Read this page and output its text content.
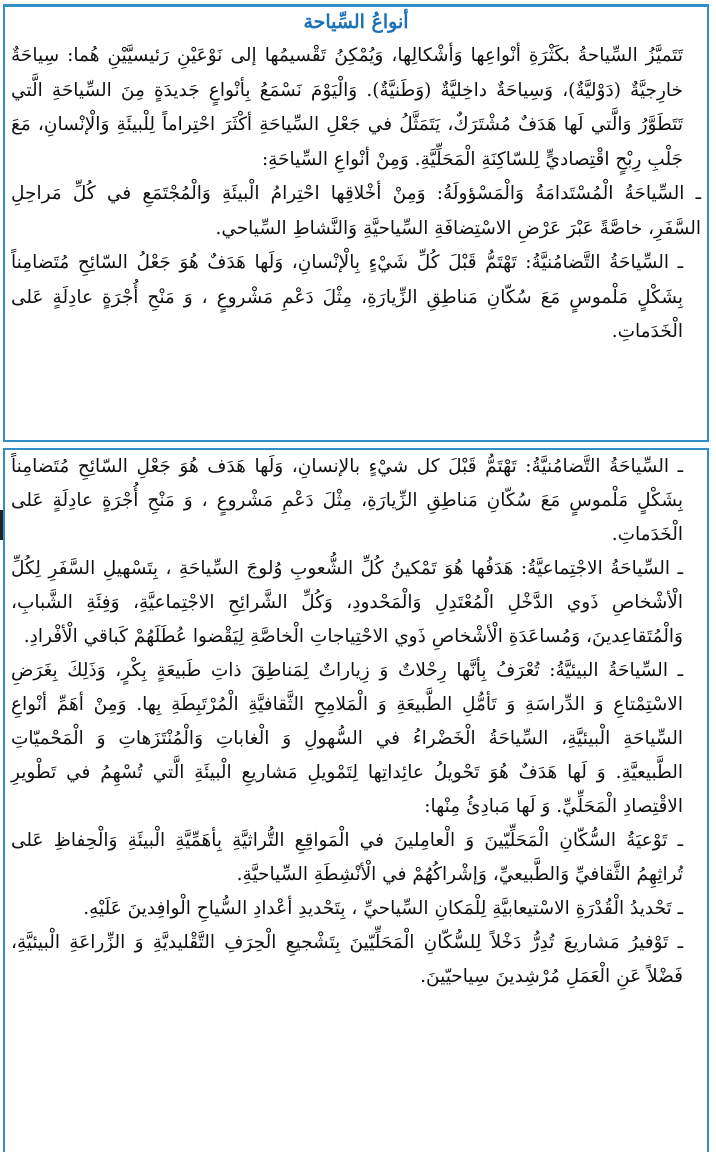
أنواعُ السِّياحة

تَتَميَّزُ السِّياحةُ بكَثْرَةِ أنْواعِها وَأشْكالِها، وَيُمْكِنُ تَقْسيمُها إلى نَوْعَيْنِ رَئيسيَّيْنِ هُما: سِياحَةٌ خارِجيَّةٌ (دَوْليَّةٌ)، وَسِياحَةٌ داخِليَّةٌ (وَطَنيَّةٌ). وَالْيَوْمَ نَسْمَعُ بِأنْواعٍ جَديدَةٍ مِنَ السِّياحَةِ الَّتي تَتَطَوَّرُ وَالَّتي لَها هَدَفٌ مُشْتَرَكٌ، يَتَمَثَّلُ في جَعْلِ السِّياحَةِ أكْثَرَ احْتِراماً لِلْبيئَةِ وَالْإنْسانِ، مَعَ جَلْبِ رِبْحٍ اقْتِصاديٍّ لِلسّاكِنَةِ الْمَحَلِّيَّةِ. وَمِنْ أنْواعِ السِّياحَةِ:

ـ السِّياحَةُ الْمُسْتَدامَةُ وَالْمَسْؤولَةُ: وَمِنْ أخْلاقِها احْتِرامُ الْبيئَةِ وَالْمُجْتَمَعِ في كُلِّ مَراحِلِ السَّفَرِ، خاصَّةً عَبْرَ عَرْضِ الاسْتِضافَةِ السِّياحيَّةِ وَالنَّشاطِ السِّياحي.

ـ السِّياحَةُ التَّضامُنيَّةُ: تَهْتَمُّ قَبْلَ كُلِّ شَيْءٍ بِالْإنْسانِ، وَلَها هَدَفٌ هُوَ جَعْلُ السّائِحِ مُتَضامِناً بِشَكْلٍ مَلْموسٍ مَعَ سُكّانِ مَناطِقِ الزِّيارَةِ، مِثْلَ دَعْمِ مَشْروعٍ ، وَ مَنْحِ أُجْرَةٍ عادِلَةٍ عَلى الْخَدَماتِ.

ـ السِّياحَةُ التَّضامُنيَّةُ: تَهْتَمُّ قَبْلَ كل شيْءٍ بالإنسانِ، وَلَها هَدَف هُوَ جَعْلِ السّائِحِ مُتَضامِناً بِشَكْلٍ مَلْموسٍ مَعَ سُكّانِ مَناطِقِ الزِّيارَةِ، مِثْلَ دَعْمِ مَشْروعٍ ، وَ مَنْحِ أُجْرَةٍ عادِلَةٍ عَلى الْخَدَماتِ.

ـ السِّياحَةُ الاجْتِماعيَّةُ: هَدَفُها هُوَ تَمْكينُ كُلِّ الشُّعوبِ وُلوجَ السِّياحَةِ ، بِتَسْهيلِ السَّفَرِ لِكُلِّ الْأشْخاصِ ذَوي الدَّخْلِ الْمُعْتَدِلِ وَالْمَحْدودِ، وَكُلِّ الشَّرائِحِ الاجْتِماعيَّةِ، وَفِئَةِ الشَّبابِ، وَالْمُتَقاعِدينَ، وَمُساعَدَةِ الْأشْخاصِ ذَوي الاحْتِياجاتِ الْخاصَّةِ لِيَقْضوا عُطَلَهُمْ كَباقي الْأفْرادِ.

ـ السِّياحَةُ البيئيَّةُ: تُعْرَفُ بِأنَّها رِحْلاتٌ وَ زِياراتٌ لِمَناطِقَ ذاتِ طَبيعَةٍ بِكْرٍ، وَذَلِكَ بِغَرَضِ الاسْتِمْتاعِ وَ الدِّراسَةِ وَ تَأمُّلِ الطَّبيعَةِ وَ الْمَلامِحِ الثَّقافيَّةِ الْمُرْتَبِطَةِ بِها. وَمِنْ أهَمِّ أنْواعِ السِّياحَةِ الْبيئيَّةِ، السِّياحَةُ الْخَضْراءُ في السُّهولِ وَ الْغاباتِ وَالْمُنْتَزَهاتِ وَ الْمَحْميّاتِ الطَّبيعيَّةِ. وَ لَها هَدَفٌ هُوَ تَحْويلُ عائِداتِها لِتَمْويلِ مَشاريعِ الْبيئَةِ الَّتي تُسْهِمُ في تَطْويرِ الاقْتِصادِ الْمَحَلِّيِّ. وَ لَها مَبادِئُ مِنْها:

ـ تَوْعيَةُ السُّكّانِ الْمَحَلِّيّينَ وَ الْعامِلينَ في الْمَواقِعِ التُّراثيَّةِ بِأهَمِّيَّةِ الْبيئَةِ وَالْحِفاظِ عَلى تُراثِهِمُ الثَّقافيِّ وَالطَّبيعيِّ، وَإشْراكُهُمْ في الْأنْشِطَةِ السِّياحيَّةِ.

ـ تَحْديدُ الْقُدْرَةِ الاسْتيعابيَّةِ لِلْمَكانِ السِّياحيِّ ، بِتَحْديدِ أعْدادِ السُّياحِ الْوافِدينَ عَلَيْهِ.

ـ تَوْفيرُ مَشاريعَ تُدِرُّ دَخْلاً لِلسُّكّانِ الْمَحَلِّيّينَ بِتَشْجيعِ الْحِرَفِ التَّقْليديَّةِ وَ الزِّراعَةِ الْبيئيَّةِ، فَضْلاً عَنِ الْعَمَلِ مُرْشِدينَ سِياحيّينَ.
